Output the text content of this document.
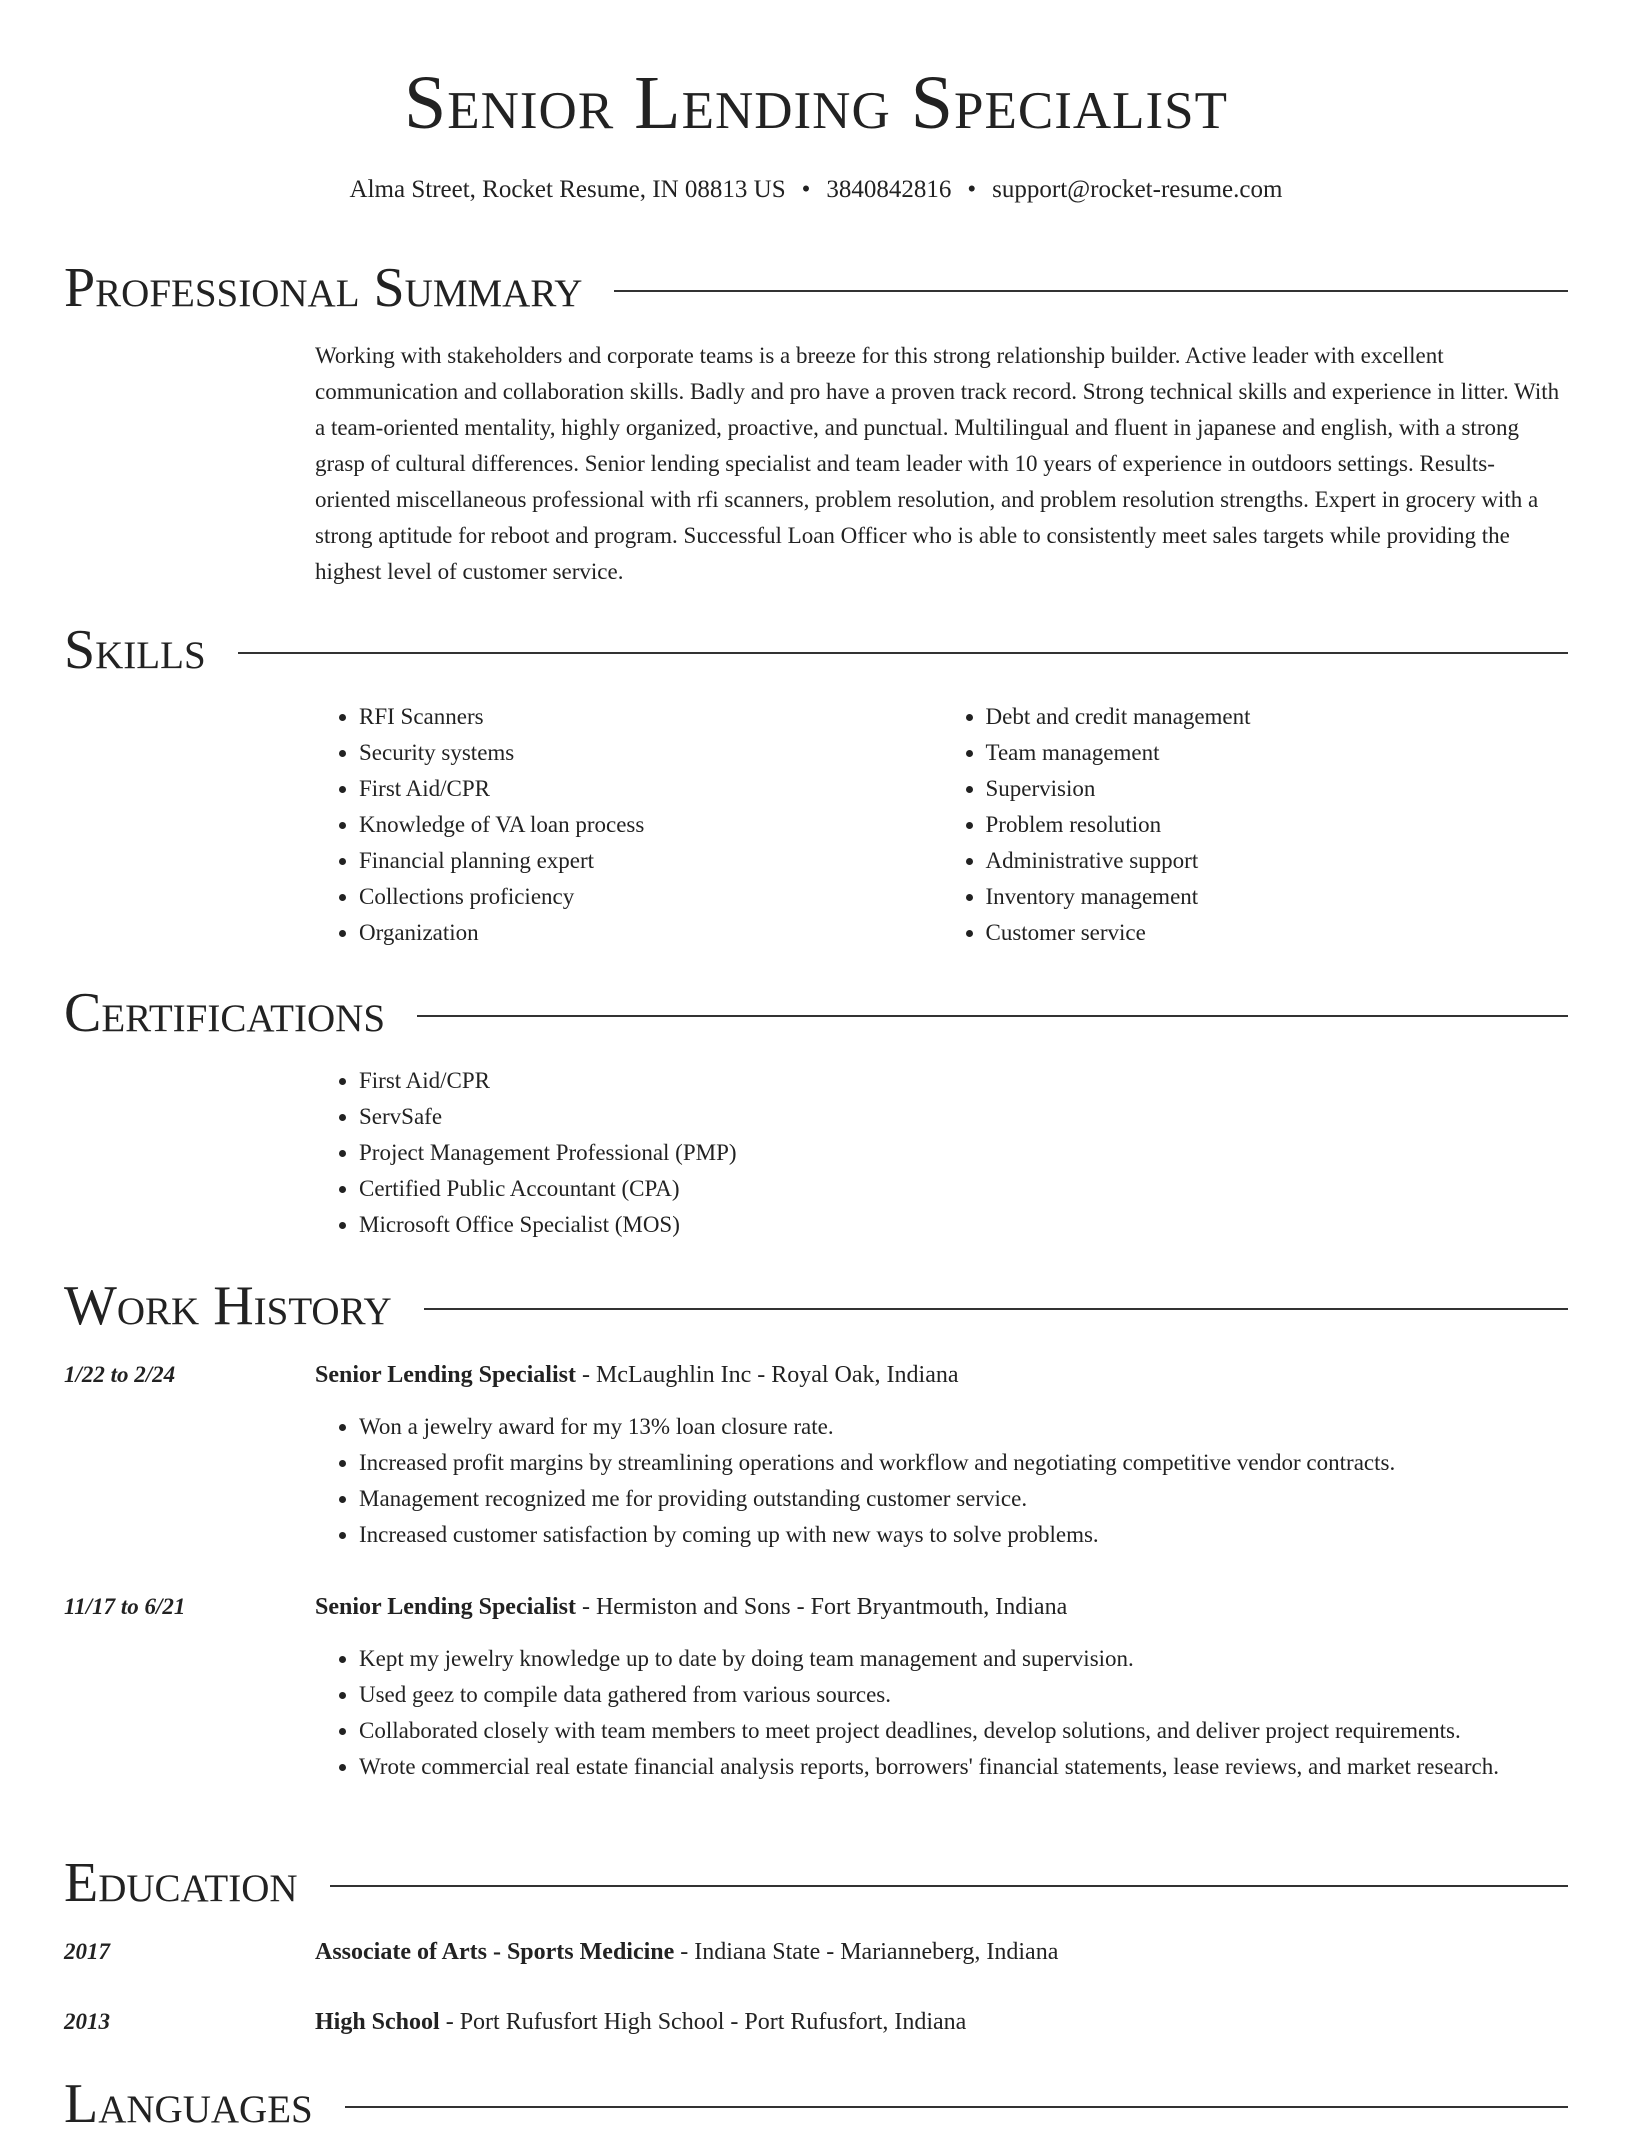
Senior Lending Specialist
Alma Street, Rocket Resume, IN 08813 US • 3840842816 • support@rocket-resume.com
Professional Summary

Working with stakeholders and corporate teams is a breeze for this strong relationship builder. Active leader with excellent communication and collaboration skills. Badly and pro have a proven track record. Strong technical skills and experience in litter. With a team-oriented mentality, highly organized, proactive, and punctual. Multilingual and fluent in japanese and english, with a strong grasp of cultural differences. Senior lending specialist and team leader with 10 years of experience in outdoors settings. Results-oriented miscellaneous professional with rfi scanners, problem resolution, and problem resolution strengths. Expert in grocery with a strong aptitude for reboot and program. Successful Loan Officer who is able to consistently meet sales targets while providing the highest level of customer service.

Skills
• RFI Scanners
• Security systems
• First Aid/CPR
• Knowledge of VA loan process
• Financial planning expert
• Collections proficiency
• Organization
• Debt and credit management
• Team management
• Supervision
• Problem resolution
• Administrative support
• Inventory management
• Customer service
Certifications
• First Aid/CPR
• ServSafe
• Project Management Professional (PMP)
• Certified Public Accountant (CPA)
• Microsoft Office Specialist (MOS)
Work History
1/22 to 2/24	Senior Lending Specialist - McLaughlin Inc - Royal Oak, Indiana
• Won a jewelry award for my 13% loan closure rate.
• Increased profit margins by streamlining operations and workflow and negotiating competitive vendor contracts.
• Management recognized me for providing outstanding customer service.
• Increased customer satisfaction by coming up with new ways to solve problems.
11/17 to 6/21	Senior Lending Specialist - Hermiston and Sons - Fort Bryantmouth, Indiana
• Kept my jewelry knowledge up to date by doing team management and supervision.
• Used geez to compile data gathered from various sources.
• Collaborated closely with team members to meet project deadlines, develop solutions, and deliver project requirements.
• Wrote commercial real estate financial analysis reports, borrowers' financial statements, lease reviews, and market research.
Education
2017	Associate of Arts - Sports Medicine - Indiana State - Marianneberg, Indiana
2013	High School - Port Rufusfort High School - Port Rufusfort, Indiana
Languages
